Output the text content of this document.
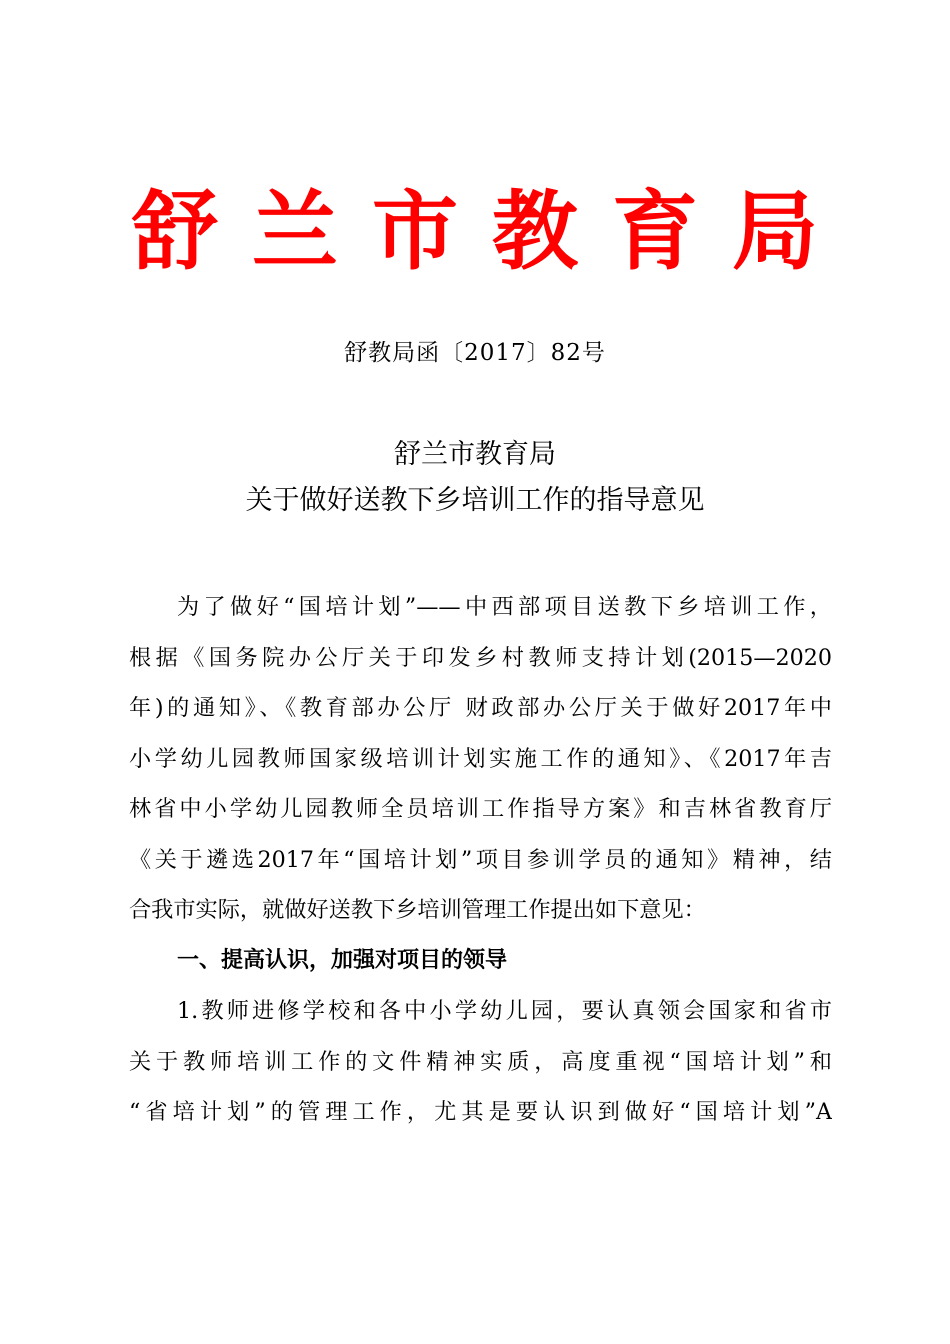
舒兰市教育局
舒教局函〔2017〕82号
舒兰市教育局
关于做好送教下乡培训工作的指导意见
为了做好“国培计划”——中西部项目送教下乡培训工作，
根据《国务院办公厅关于印发乡村教师支持计划(2015—2020
年)的通知》、《教育部办公厅 财政部办公厅关于做好2017年中
小学幼儿园教师国家级培训计划实施工作的通知》、《2017年吉
林省中小学幼儿园教师全员培训工作指导方案》和吉林省教育厅
《关于遴选2017年“国培计划”项目参训学员的通知》精神，结
合我市实际，就做好送教下乡培训管理工作提出如下意见：
一、提高认识，加强对项目的领导
1.教师进修学校和各中小学幼儿园，要认真领会国家和省市
关于教师培训工作的文件精神实质，高度重视“国培计划”和
“省培计划”的管理工作，尤其是要认识到做好“国培计划”A
